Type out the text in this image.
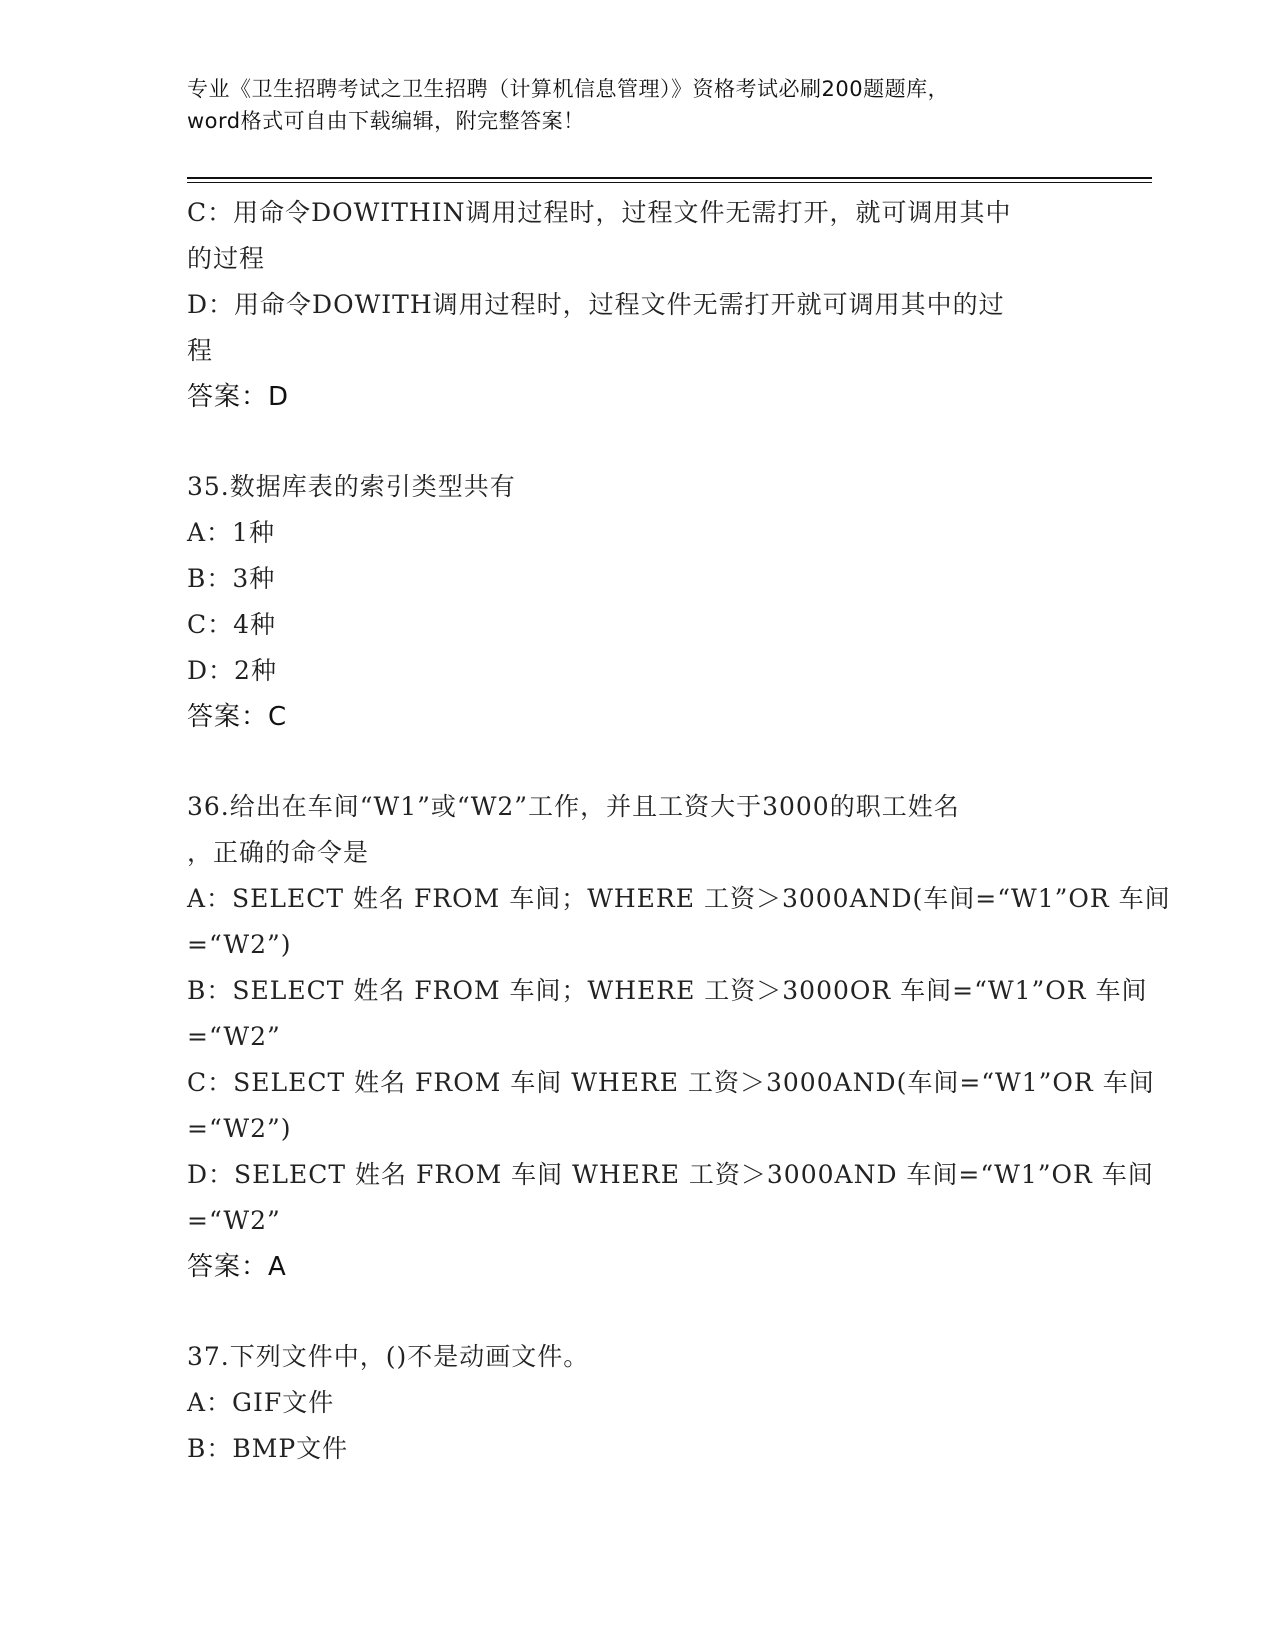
专业《卫生招聘考试之卫生招聘（计算机信息管理）》资格考试必刷200题题库，
word格式可自由下载编辑，附完整答案！
C：用命令DOWITHIN调用过程时，过程文件无需打开，就可调用其中
的过程
D：用命令DOWITH调用过程时，过程文件无需打开就可调用其中的过
程
答案：D
35.数据库表的索引类型共有
A：1种
B：3种
C：4种
D：2种
答案：C
36.给出在车间“W1”或“W2”工作，并且工资大于3000的职工姓名
，正确的命令是
A：SELECT 姓名 FROM 车间；WHERE 工资＞3000AND(车间=“W1”OR 车间
=“W2”)
B：SELECT 姓名 FROM 车间；WHERE 工资＞3000OR 车间=“W1”OR 车间
=“W2”
C：SELECT 姓名 FROM 车间 WHERE 工资＞3000AND(车间=“W1”OR 车间
=“W2”)
D：SELECT 姓名 FROM 车间 WHERE 工资＞3000AND 车间=“W1”OR 车间
=“W2”
答案：A
37.下列文件中，()不是动画文件。
A：GIF文件
B：BMP文件
